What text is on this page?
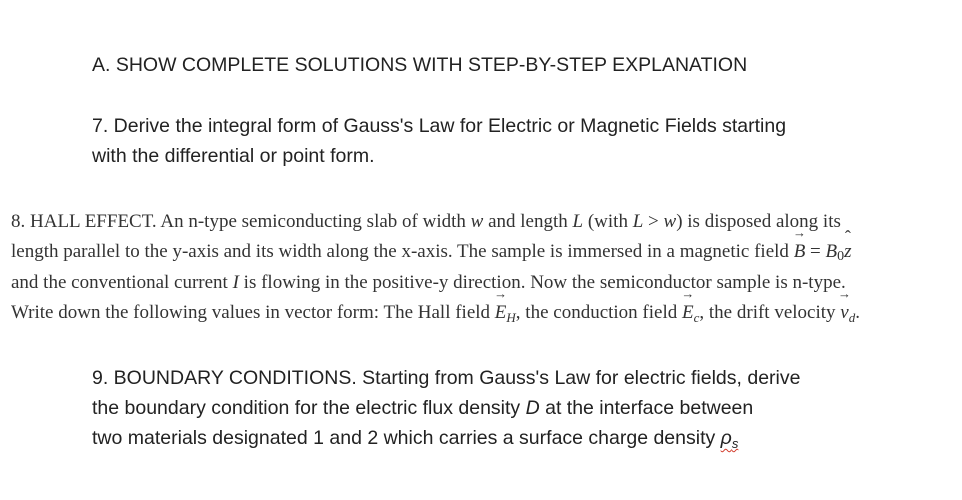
A. SHOW COMPLETE SOLUTIONS WITH STEP-BY-STEP EXPLANATION
7. Derive the integral form of Gauss's Law for Electric or Magnetic Fields starting
with the differential or point form.
8. HALL EFFECT. An n-type semiconducting slab of width w and length L (with L > w) is disposed along its
length parallel to the y-axis and its width along the x-axis. The sample is immersed in a magnetic field → B = B0ˆ z
and the conventional current I is flowing in the positive-y direction. Now the semiconductor sample is n-type.
Write down the following values in vector form: The Hall field → $E_H$, the conduction field → $E_c$, the drift velocity → $v_d$.
9. BOUNDARY CONDITIONS. Starting from Gauss's Law for electric fields, derive
the boundary condition for the electric flux density D at the interface between
two materials designated 1 and 2 which carries a surface charge density $\rho_s$
